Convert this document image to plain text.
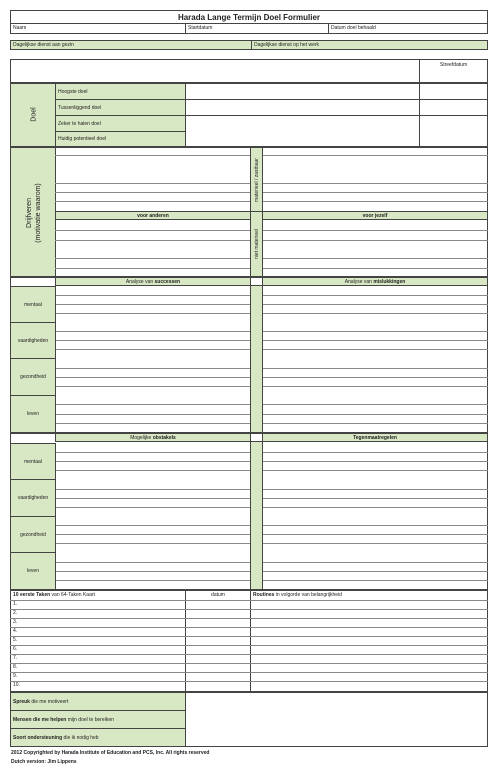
Harada Lange Termijn Doel Formulier
Naam	Startdatum	Datum doel behaald
Dagelijkse dienst aan gezin	Dagelijkse dienst op het werk
Streefdatum
Doel
Hoogste doel
Tussenliggend doel
Zeker te halen doel
Huidig potentieel doel
Drijfveren (motivatie waarom)
materieel / zastbaar
niet materieel
voor anderen	voor jezelf
Analyse van successen	Analyse van mislukkingen
mentaal
vaardigheden
gezondheid
leven
Mogelijke obstakels	Tegenmaatregelen
mentaal
vaardigheden
gezondheid
leven
10 eerste Taken van 64-Taken Kaart	datum	Routines in volgorde van belangrijkheid
1.
2.
3.
4.
5.
6.
7.
8.
9.
10.
Spreuk die me motiveert
Mensen die me helpen mijn doel te bereiken
Soort ondersteuning die ik nodig heb
2012 Copyrighted by Harada Institute of Education and PCS, Inc. All rights reserved
Dutch version: Jim Lippens
